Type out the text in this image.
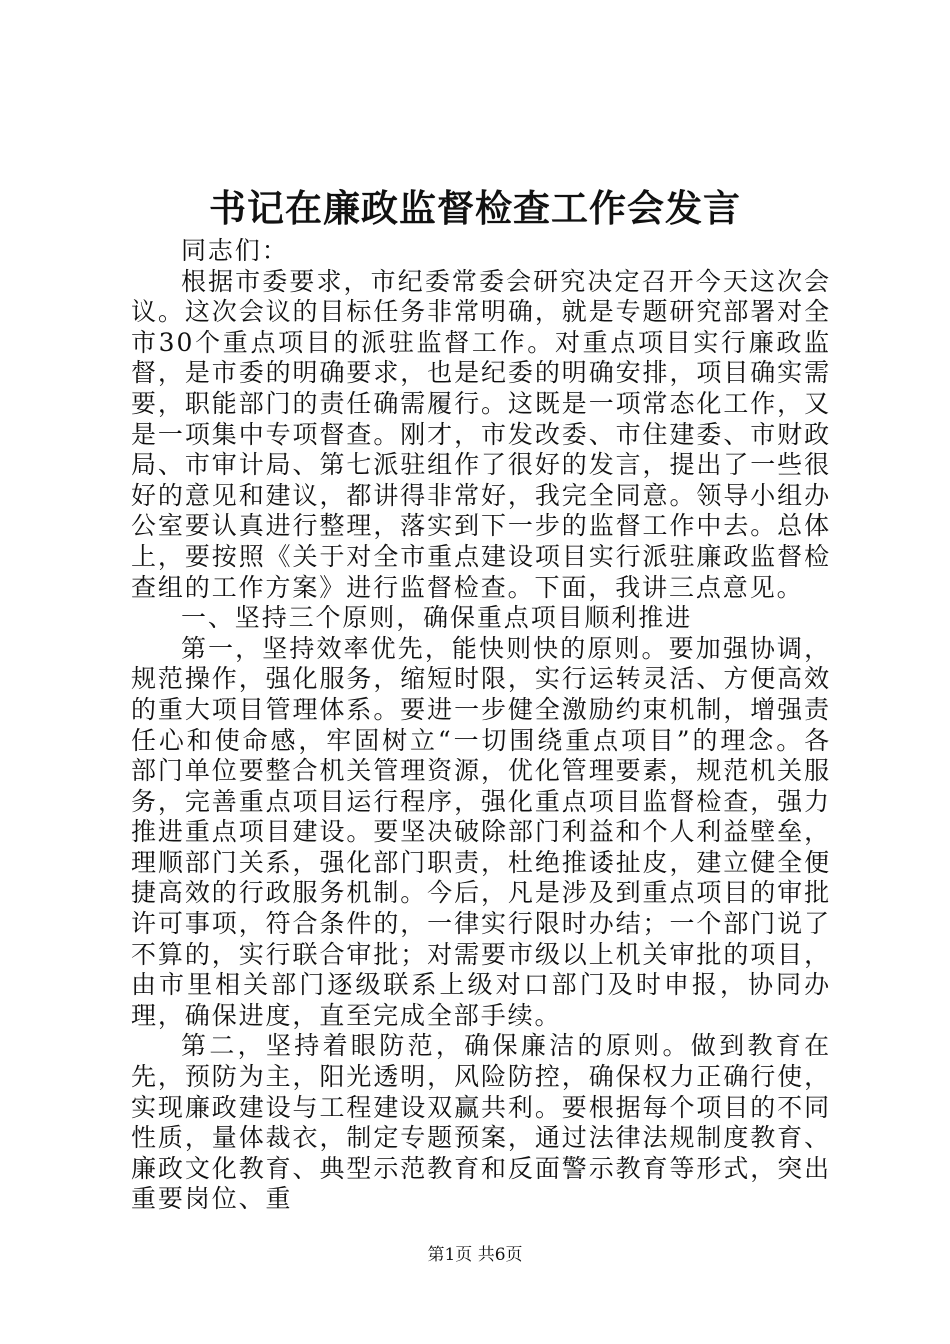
书记在廉政监督检查工作会发言

同志们：

根据市委要求，市纪委常委会研究决定召开今天这次会议。这次会议的目标任务非常明确，就是专题研究部署对全市30个重点项目的派驻监督工作。对重点项目实行廉政监督，是市委的明确要求，也是纪委的明确安排，项目确实需要，职能部门的责任确需履行。这既是一项常态化工作，又是一项集中专项督查。刚才，市发改委、市住建委、市财政局、市审计局、第七派驻组作了很好的发言，提出了一些很好的意见和建议，都讲得非常好，我完全同意。领导小组办公室要认真进行整理，落实到下一步的监督工作中去。总体上，要按照《关于对全市重点建设项目实行派驻廉政监督检查组的工作方案》进行监督检查。下面，我讲三点意见。

一、坚持三个原则，确保重点项目顺利推进

第一，坚持效率优先，能快则快的原则。要加强协调，规范操作，强化服务，缩短时限，实行运转灵活、方便高效的重大项目管理体系。要进一步健全激励约束机制，增强责任心和使命感，牢固树立“一切围绕重点项目”的理念。各部门单位要整合机关管理资源，优化管理要素，规范机关服务，完善重点项目运行程序，强化重点项目监督检查，强力推进重点项目建设。要坚决破除部门利益和个人利益壁垒，理顺部门关系，强化部门职责，杜绝推诿扯皮，建立健全便捷高效的行政服务机制。今后，凡是涉及到重点项目的审批许可事项，符合条件的，一律实行限时办结；一个部门说了不算的，实行联合审批；对需要市级以上机关审批的项目，由市里相关部门逐级联系上级对口部门及时申报，协同办理，确保进度，直至完成全部手续。

第二，坚持着眼防范，确保廉洁的原则。做到教育在先，预防为主，阳光透明，风险防控，确保权力正确行使，实现廉政建设与工程建设双赢共利。要根据每个项目的不同性质，量体裁衣，制定专题预案，通过法律法规制度教育、廉政文化教育、典型示范教育和反面警示教育等形式，突出重要岗位、重

第1页 共6页
